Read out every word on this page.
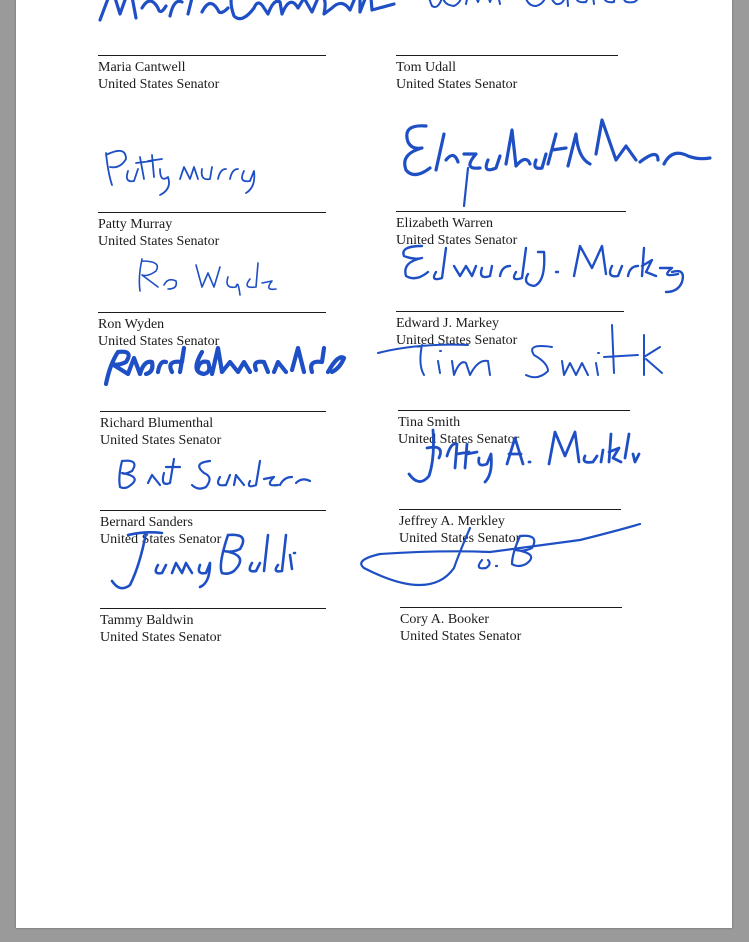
Maria Cantwell
United States Senator
Tom Udall
United States Senator
Patty Murray
United States Senator
Elizabeth Warren
United States Senator
Ron Wyden
United States Senator
Edward J. Markey
United States Senator
Richard Blumenthal
United States Senator
Tina Smith
United States Senator
Bernard Sanders
United States Senator
Jeffrey A. Merkley
United States Senator
Tammy Baldwin
United States Senator
Cory A. Booker
United States Senator
